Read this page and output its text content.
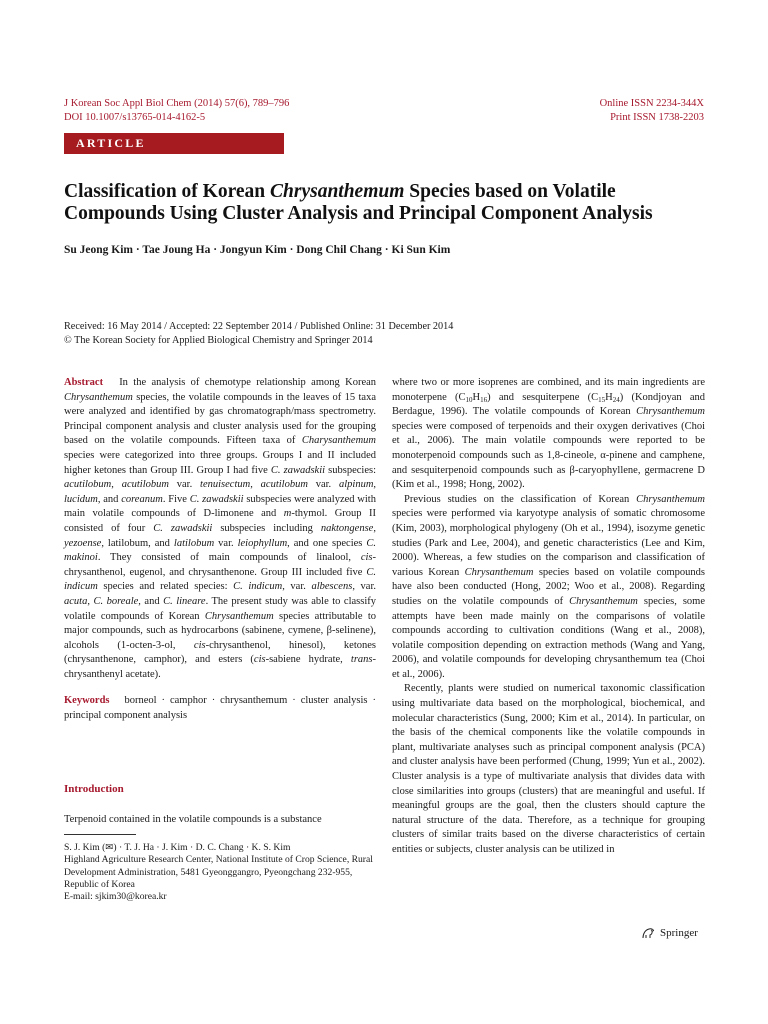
J Korean Soc Appl Biol Chem (2014) 57(6), 789–796
DOI 10.1007/s13765-014-4162-5
Online ISSN 2234-344X
Print ISSN 1738-2203
ARTICLE
Classification of Korean Chrysanthemum Species based on Volatile Compounds Using Cluster Analysis and Principal Component Analysis
Su Jeong Kim · Tae Joung Ha · Jongyun Kim · Dong Chil Chang · Ki Sun Kim
Received: 16 May 2014 / Accepted: 22 September 2014 / Published Online: 31 December 2014
© The Korean Society for Applied Biological Chemistry and Springer 2014

Abstract In the analysis of chemotype relationship among Korean Chrysanthemum species, the volatile compounds in the leaves of 15 taxa were analyzed and identified by gas chromatograph/mass spectrometry. Principal component analysis and cluster analysis used for the grouping based on the volatile compounds. Fifteen taxa of Charysanthemum species were categorized into three groups. Groups I and II included higher ketones than Group III. Group I had five C. zawadskii subspecies: acutilobum, acutilobum var. tenuisectum, acutilobum var. alpinum, lucidum, and coreanum. Five C. zawadskii subspecies were analyzed with main volatile compounds of D-limonene and m-thymol. Group II consisted of four C. zawadskii subspecies including naktongense, yezoense, latilobum, and latilobum var. leiophyllum, and one species C. makinoi. They consisted of main compounds of linalool, cis-chrysanthenol, eugenol, and chrysanthenone. Group III included five C. indicum species and related species: C. indicum, var. albescens, var. acuta, C. boreale, and C. lineare. The present study was able to classify volatile compounds of Korean Chrysanthemum species attributable to major compounds, such as hydrocarbons (sabinene, cymene, β-selinene), alcohols (1-octen-3-ol, cis-chrysanthenol, hinesol), ketones (chrysanthenone, camphor), and esters (cis-sabiene hydrate, trans-chrysanthenyl acetate).

Keywords borneol · camphor · chrysanthemum · cluster analysis · principal component analysis

Introduction
Terpenoid contained in the volatile compounds is a substance
S. J. Kim (✉) · T. J. Ha · J. Kim · D. C. Chang · K. S. Kim
Highland Agriculture Research Center, National Institute of Crop Science, Rural Development Administration, 5481 Gyeonggangro, Pyeongchang 232-955, Republic of Korea
E-mail: sjkim30@korea.kr

where two or more isoprenes are combined, and its main ingredients are monoterpene $(C_{10}H_{16})$ and sesquiterpene $(C_{15}H_{24})$ (Kondjoyan and Berdague, 1996). The volatile compounds of Korean Chrysanthemum species were composed of terpenoids and their oxygen derivatives (Choi et al., 2006). The main volatile compounds were reported to be monoterpenoid compounds such as 1,8-cineole, α-pinene and camphene, and sesquiterpenoid compounds such as β-caryophyllene, germacrene D (Kim et al., 1998; Hong, 2002).

Previous studies on the classification of Korean Chrysanthemum species were performed via karyotype analysis of somatic chromosome (Kim, 2003), morphological phylogeny (Oh et al., 1994), isozyme genetic studies (Park and Lee, 2004), and genetic characteristics (Lee and Kim, 2000). Whereas, a few studies on the comparison and classification of various Korean Chrysanthemum species based on volatile compounds have also been conducted (Hong, 2002; Woo et al., 2008). Regarding studies on the volatile compounds of Chrysanthemum species, some attempts have been made mainly on the comparisons of volatile compounds according to cultivation conditions (Wang et al., 2008), volatile composition depending on extraction methods (Wang and Yang, 2006), and volatile compounds for developing chrysanthemum tea (Choi et al., 2006).

Recently, plants were studied on numerical taxonomic classification using multivariate data based on the morphological, biochemical, and molecular characteristics (Sung, 2000; Kim et al., 2014). In particular, on the basis of the chemical components like the volatile compounds in plant, multivariate analyses such as principal component analysis (PCA) and cluster analysis have been performed (Chung, 1999; Yun et al., 2002). Cluster analysis is a type of multivariate analysis that divides data with close similarities into groups (clusters) that are meaningful and useful. If meaningful groups are the goal, then the clusters should capture the natural structure of the data. Therefore, as a technique for grouping clusters of similar traits based on the diverse characteristics of certain entities or subjects, cluster analysis can be utilized in

Springer
